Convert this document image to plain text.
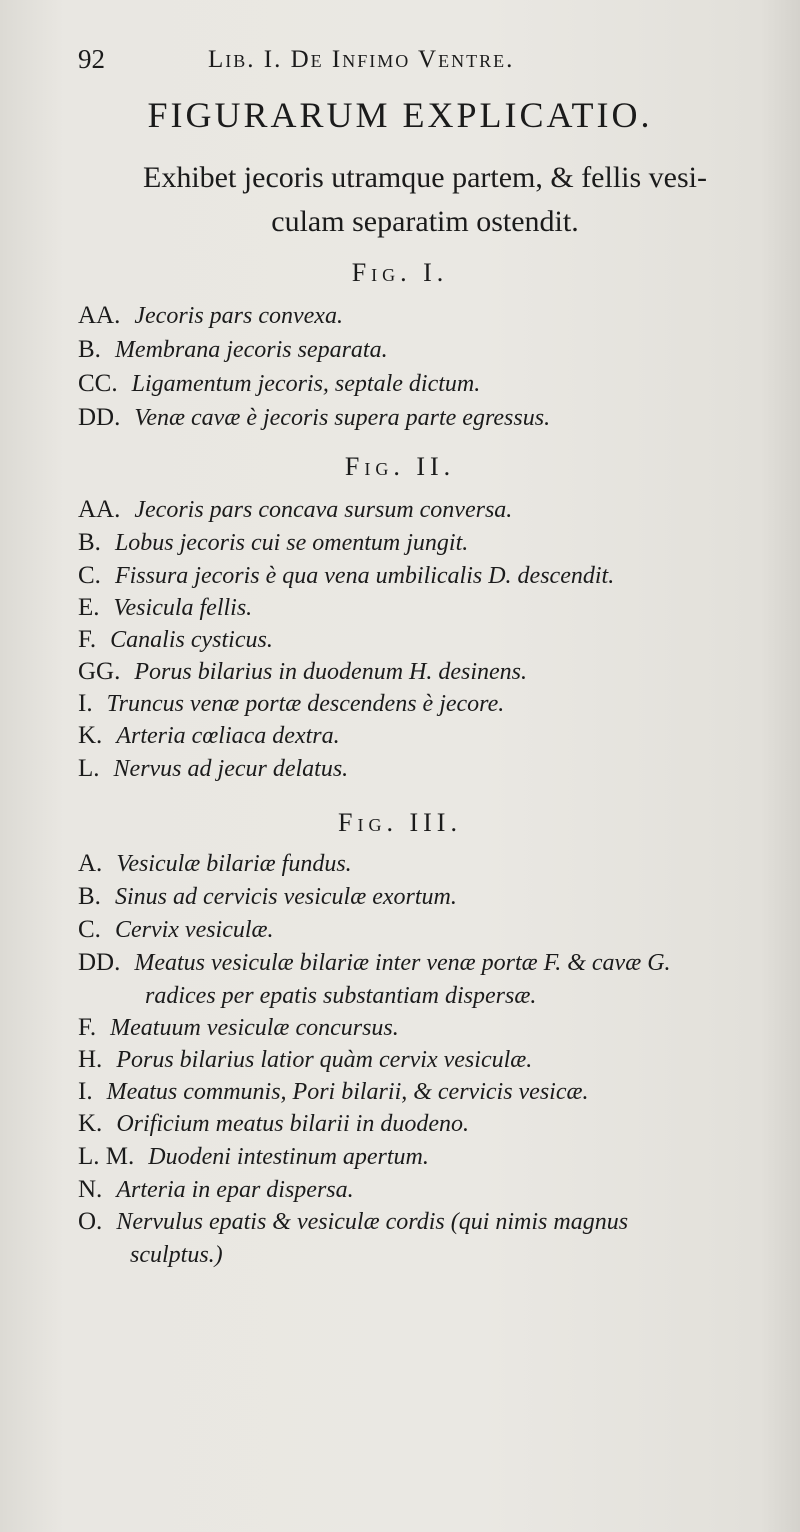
92	Lib. I. De Infimo Ventre.
FIGURARUM EXPLICATIO.
Exhibet jecoris utramque partem, & fellis vesi-
culam separatim ostendit.
Fig. I.
AA. Jecoris pars convexa.
B. Membrana jecoris separata.
CC. Ligamentum jecoris, septale dictum.
DD. Venæ cavæ è jecoris supera parte egressus.
Fig. II.
AA. Jecoris pars concava sursum conversa.
B. Lobus jecoris cui se omentum jungit.
C. Fissura jecoris è qua vena umbilicalis D. descendit.
E. Vesicula fellis.
F. Canalis cysticus.
GG. Porus bilarius in duodenum H. desinens.
I. Truncus venæ portæ descendens è jecore.
K. Arteria cœliaca dextra.
L. Nervus ad jecur delatus.
Fig. III.
A. Vesiculæ bilariæ fundus.
B. Sinus ad cervicis vesiculæ exortum.
C. Cervix vesiculæ.
DD. Meatus vesiculæ bilariæ inter venæ portæ F. & cavæ G.
radices per epatis substantiam dispersæ.
F. Meatuum vesiculæ concursus.
H. Porus bilarius latior quàm cervix vesiculæ.
I. Meatus communis, Pori bilarii, & cervicis vesicæ.
K. Orificium meatus bilarii in duodeno.
L. M. Duodeni intestinum apertum.
N. Arteria in epar dispersa.
O. Nervulus epatis & vesiculæ cordis (qui nimis magnus
sculptus.)
